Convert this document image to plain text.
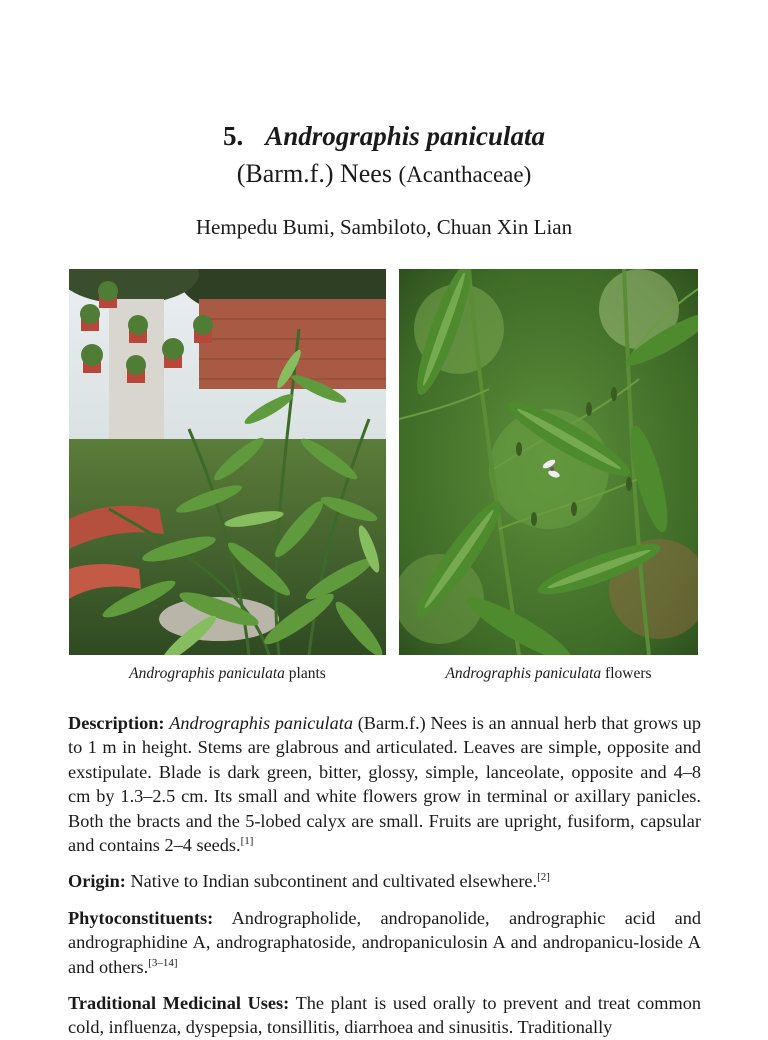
5. Andrographis paniculata
(Barm.f.) Nees (Acanthaceae)
Hempedu Bumi, Sambiloto, Chuan Xin Lian
Andrographis paniculata plants	Andrographis paniculata flowers
Description: Andrographis paniculata (Barm.f.) Nees is an annual herb that grows up to 1 m in height. Stems are glabrous and articulated. Leaves are simple, opposite and exstipulate. Blade is dark green, bitter, glossy, simple, lanceolate, opposite and 4–8 cm by 1.3–2.5 cm. Its small and white flowers grow in terminal or axillary panicles. Both the bracts and the 5-lobed calyx are small. Fruits are upright, fusiform, capsular and contains 2–4 seeds.[1]
Origin: Native to Indian subcontinent and cultivated elsewhere.[2]
Phytoconstituents: Andrographolide, andropanolide, andrographic acid and andrographidine A, andrographatoside, andropaniculosin A and andropanicu-loside A and others.[3–14]
Traditional Medicinal Uses: The plant is used orally to prevent and treat common cold, influenza, dyspepsia, tonsillitis, diarrhoea and sinusitis. Traditionally
